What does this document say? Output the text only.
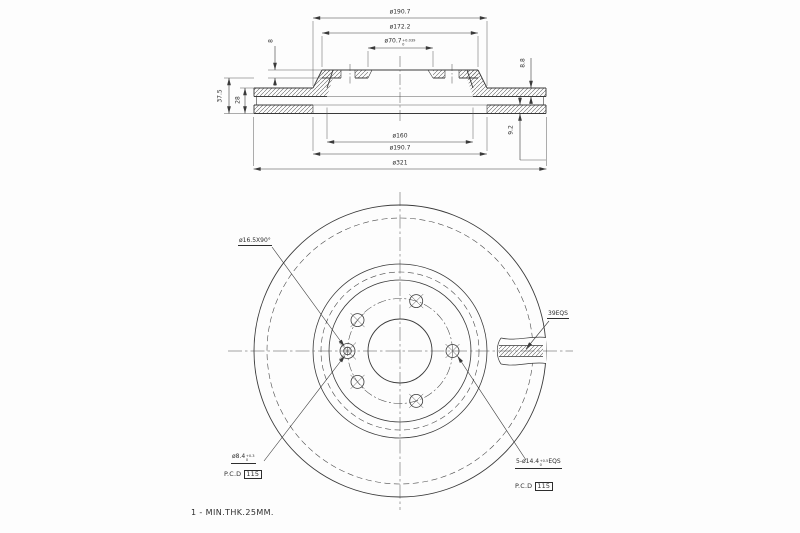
ø190.7
ø172.2
ø70.7 +0.039
0
8
8.8
37.5 28
9.2
ø160
ø190.7
ø321
ø16.5X90°
39EQS
ø8.4 +0.3
0
P.C.D 115
5-ø14.4 +0.5
0	EQS
P.C.D 115
1 - MIN.THK.25MM.
